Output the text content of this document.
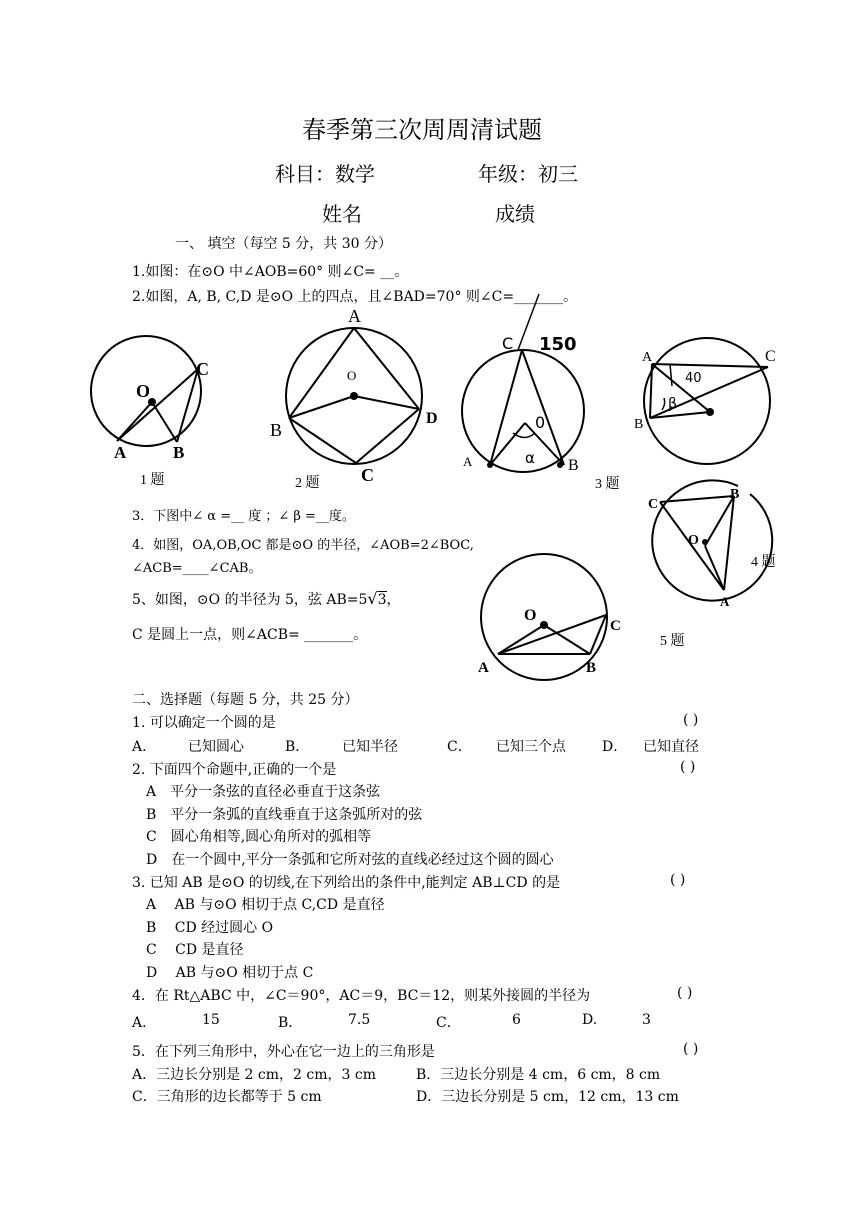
春季第三次周周清试题
科目：数学	年级：初三
姓名	成绩
一、 填空（每空 5 分，共 30 分）
1.如图：在⊙O 中∠AOB=60° 则∠C= __。
2.如图，A, B, C,D 是⊙O 上的四点，且∠BAD=70° 则∠C=_______。
O
A	B
C
1 题
A
O
B
C
D
2 题
C 150
0
A	B
α
3 题
A	C
B
40
β
3．下图中∠ α =__ 度 ；∠ β =__度。
4．如图，OA,OB,OC 都是⊙O 的半径，∠AOB=2∠BOC,
∠ACB=____∠CAB。
5、如图，⊙O 的半径为 5，弦 AB=5√3，
C 是圆上一点，则∠ACB= _______。
C
B
O
A
4 题
O
C
A	B
5 题
二、选择题（每题 5 分，共 25 分）
1. 可以确定一个圆的是	( )
A． 已知圆心	B． 已知半径	C． 已知三个点	D． 已知直径
2. 下面四个命题中,正确的一个是	( )
A　平分一条弦的直径必垂直于这条弦
B　平分一条弧的直线垂直于这条弧所对的弦
C　圆心角相等,圆心角所对的弧相等
D　在一个圆中,平分一条弧和它所对弦的直线必经过这个圆的圆心
3. 已知 AB 是⊙O 的切线,在下列给出的条件中,能判定 AB⊥CD 的是	( )
A　 AB 与⊙O 相切于点 C,CD 是直径
B　 CD 经过圆心 O
C　 CD 是直径
D　 AB 与⊙O 相切于点 C
4．在 Rt△ABC 中，∠C＝90°，AC＝9，BC＝12，则某外接圆的半径为	( )
A．	15	B．	7.5	C．	6	D.	3
5．在下列三角形中，外心在它一边上的三角形是	( )
A．三边长分别是 2 cm，2 cm，3 cm	B．三边长分别是 4 cm，6 cm，8 cm
C．三角形的边长都等于 5 cm	D．三边长分别是 5 cm，12 cm，13 cm
